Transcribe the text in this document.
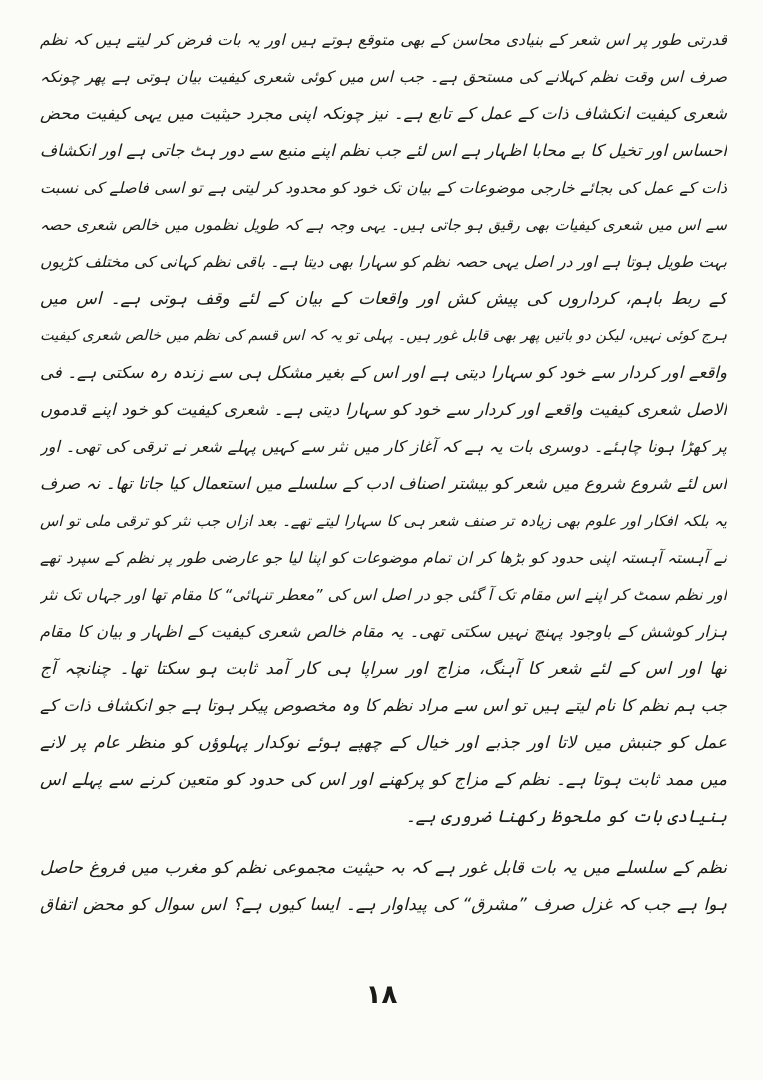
قدرتی طور پر اس شعر کے بنیادی محاسن کے بھی متوقع ہوتے ہیں اور یہ بات فرض کر لیتے ہیں کہ نظم
صرف اس وقت نظم کہلانے کی مستحق ہے۔ جب اس میں کوئی شعری کیفیت بیان ہوتی ہے پھر چونکہ
شعری کیفیت انکشاف ذات کے عمل کے تابع ہے۔ نیز چونکہ اپنی مجرد حیثیت میں یہی کیفیت محض
احساس اور تخیل کا بے محابا اظہار ہے اس لئے جب نظم اپنے منبع سے دور ہٹ جاتی ہے اور انکشاف
ذات کے عمل کی بجائے خارجی موضوعات کے بیان تک خود کو محدود کر لیتی ہے تو اسی فاصلے کی نسبت
سے اس میں شعری کیفیات بھی رقیق ہو جاتی ہیں۔ یہی وجہ ہے کہ طویل نظموں میں خالص شعری حصہ
بہت طویل ہوتا ہے اور در اصل یہی حصہ نظم کو سہارا بھی دیتا ہے۔ باقی نظم کہانی کی مختلف کڑیوں
کے ربط باہم، کرداروں کی پیش کش اور واقعات کے بیان کے لئے وقف ہوتی ہے۔ اس میں
ہرج کوئی نہیں، لیکن دو باتیں پھر بھی قابل غور ہیں۔ پہلی تو یہ کہ اس قسم کی نظم میں خالص شعری کیفیت
واقعے اور کردار سے خود کو سہارا دیتی ہے اور اس کے بغیر مشکل ہی سے زندہ رہ سکتی ہے۔ فی
الاصل شعری کیفیت واقعے اور کردار سے خود کو سہارا دیتی ہے۔ شعری کیفیت کو خود اپنے قدموں
پر کھڑا ہونا چاہئے۔ دوسری بات یہ ہے کہ آغاز کار میں نثر سے کہیں پہلے شعر نے ترقی کی تھی۔ اور
اس لئے شروع شروع میں شعر کو بیشتر اصناف ادب کے سلسلے میں استعمال کیا جاتا تھا۔ نہ صرف
یہ بلکہ افکار اور علوم بھی زیادہ تر صنف شعر ہی کا سہارا لیتے تھے۔ بعد ازاں جب نثر کو ترقی ملی تو اس
نے آہستہ آہستہ اپنی حدود کو بڑھا کر ان تمام موضوعات کو اپنا لیا جو عارضی طور پر نظم کے سپرد تھے
اور نظم سمٹ کر اپنے اس مقام تک آ گئی جو در اصل اس کی ”معطر تنہائی“ کا مقام تھا اور جہاں تک نثر
ہزار کوشش کے باوجود پہنچ نہیں سکتی تھی۔ یہ مقام خالص شعری کیفیت کے اظہار و بیان کا مقام
تھا اور اس کے لئے شعر کا آہنگ، مزاج اور سراپا ہی کار آمد ثابت ہو سکتا تھا۔ چنانچہ آج
جب ہم نظم کا نام لیتے ہیں تو اس سے مراد نظم کا وہ مخصوص پیکر ہوتا ہے جو انکشاف ذات کے
عمل کو جنبش میں لاتا اور جذبے اور خیال کے چھپے ہوئے نوکدار پہلوؤں کو منظر عام پر لانے
میں ممد ثابت ہوتا ہے۔ نظم کے مزاج کو پرکھنے اور اس کی حدود کو متعین کرنے سے پہلے اس
بنیادی بات کو ملحوظ رکھنا ضروری ہے۔
نظم کے سلسلے میں یہ بات قابل غور ہے کہ بہ حیثیت مجموعی نظم کو مغرب میں فروغ حاصل
ہوا ہے جب کہ غزل صرف ”مشرق“ کی پیداوار ہے۔ ایسا کیوں ہے؟ اس سوال کو محض اتفاق
۱۸
